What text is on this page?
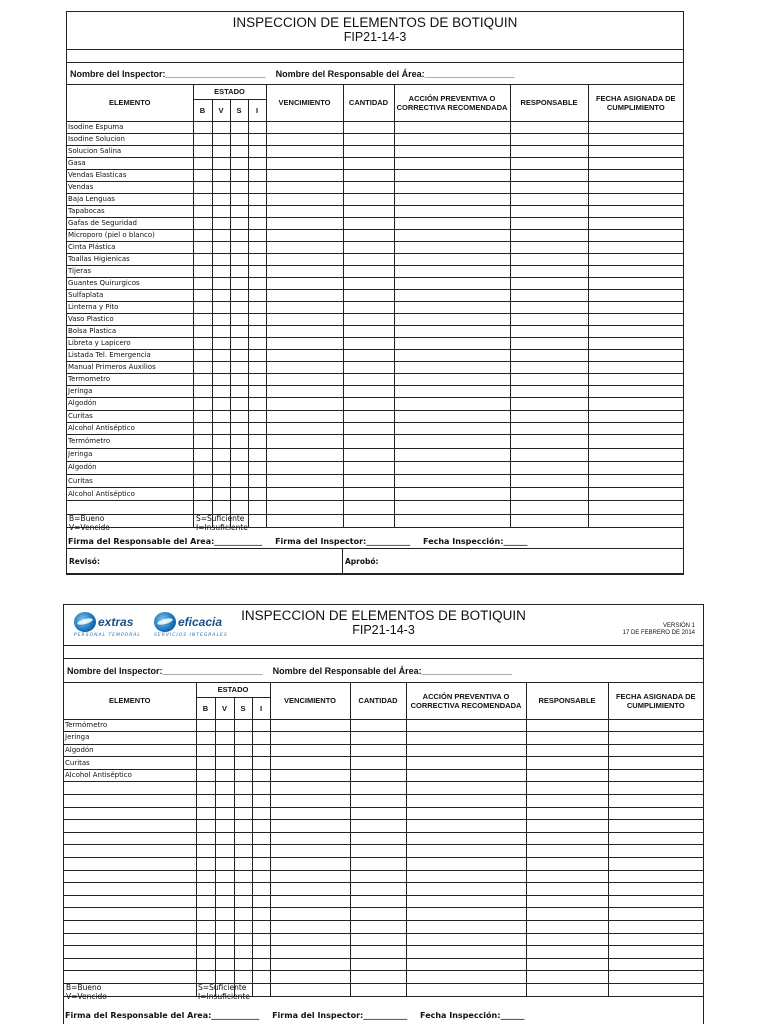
INSPECCION DE ELEMENTOS DE BOTIQUIN
FIP21-14-3
Nombre del Inspector:____________________ Nombre del Responsable del Área:__________________
ELEMENTO	ESTADO				VENCIMIENTO	CANTIDAD	ACCIÓN PREVENTIVA O CORRECTIVA RECOMENDADA	RESPONSABLE	FECHA ASIGNADA DE CUMPLIMIENTO
	B	V	S	I					
Isodine Espuma									
Isodine Solucion									
Solucion Salina									
Gasa									
Vendas Elasticas									
Vendas									
Baja Lenguas									
Tapabocas									
Gafas de Seguridad									
Microporo (piel o blanco)									
Cinta Plástica									
Toallas Higienicas									
Tijeras									
Guantes Quirurgicos									
Sulfaplata									
Linterna y Pito									
Vaso Plastico									
Bolsa Plastica									
Libreta y Lapicero									
Listada Tel. Emergencia									
Manual Primeros Auxilios									
Termometro									
Jeringa									
Algodón									
Curitas									
Alcohol Antiséptico									
Termómetro									
Jeringa									
Algodón									
Curitas									
Alcohol Antiséptico									

B=Bueno
V=Vencido
S=Suficiente
I=Insuficiente
Firma del Responsable del Area:____________ Firma del Inspector:___________ Fecha Inspección:______
Revisó:	Aprobó:
INSPECCION DE ELEMENTOS DE BOTIQUIN
FIP21-14-3
extras
PERSONAL TEMPORAL
eficacia
SERVICIOS INTEGRALES
VERSIÓN 1
17 DE FEBRERO DE 2014
Nombre del Inspector:____________________ Nombre del Responsable del Área:__________________
ELEMENTO	ESTADO				VENCIMIENTO	CANTIDAD	ACCIÓN PREVENTIVA O CORRECTIVA RECOMENDADA	RESPONSABLE	FECHA ASIGNADA DE CUMPLIMIENTO
	B	V	S	I					
Termómetro									
Jeringa									
Algodón									
Curitas									
Alcohol Antiséptico									

B=Bueno
V=Vencido
S=Suficiente
I=Insuficiente
Firma del Responsable del Area:____________ Firma del Inspector:___________ Fecha Inspección:______
